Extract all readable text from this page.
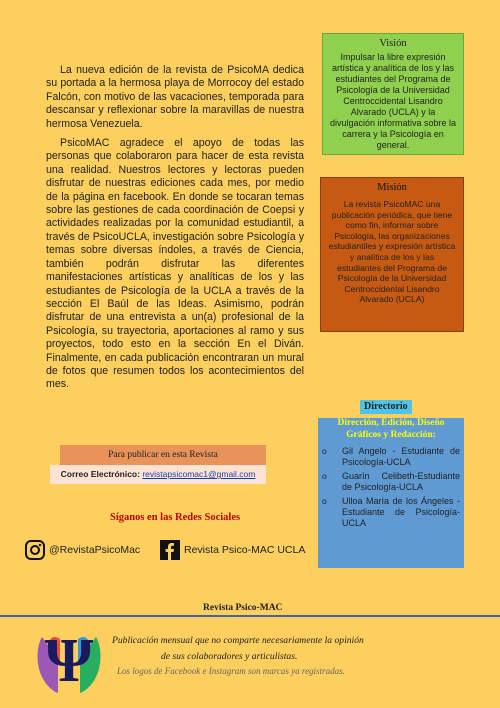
La nueva edición de la revista de PsicoMA dedica su portada a la hermosa playa de Morrocoy del estado Falcón, con motivo de las vacaciones, temporada para descansar y reflexionar sobre la maravillas de nuestra hermosa Venezuela.

PsicoMAC agradece el apoyo de todas las personas que colaboraron para hacer de esta revista una realidad. Nuestros lectores y lectoras pueden disfrutar de nuestras ediciones cada mes, por medio de la página en facebook. En donde se tocaran temas sobre las gestiones de cada coordinación de Coepsi y actividades realizadas por la comunidad estudiantil, a través de PsicoUCLA, investigación sobre Psicología y temas sobre diversas índoles, a través de Ciencia, también podrán disfrutar las diferentes manifestaciones artísticas y analíticas de los y las estudiantes de Psicología de la UCLA a través de la sección El Baúl de las Ideas. Asimismo, podrán disfrutar de una entrevista a un(a) profesional de la Psicología, su trayectoria, aportaciones al ramo y sus proyectos, todo esto en la sección En el Diván. Finalmente, en cada publicación encontraran un mural de fotos que resumen todos los acontecimientos del mes.

Visión
Impulsar la libre expresión artística y analítica de los y las estudiantes del Programa de Psicología de la Universidad Centroccidental Lisandro Alvarado (UCLA) y la divulgación informativa sobre la carrera y la Psicología en general.
Misión
La revista PsicoMAC una publicación periódica, que tiene como fin, informar sobre Psicología, las organizaciones estudiantiles y expresión artística y analítica de los y las estudiantes del Programa de Psicología de la Universidad Centroccidental Lisandro Alvarado (UCLA)
Para publicar en esta Revista
Correo Electrónico: revistapsicomac1@gmail.com
Síganos en las Redes Sociales
@RevistaPsicoMac	Revista Psico-MAC UCLA
Directorio
Dirección, Edición, Diseño Gráficos y Redacción:
o Gil Angelo - Estudiante de Psicología-UCLA
o Guarín Celibeth-Estudiante de Psicología-UCLA
o Ulloa María de los Ángeles - Estudiante de Psicología-UCLA
Revista Psico-MAC
Ψ Publicación mensual que no comparte necesariamente la opinión
de sus colaboradores y articulistas.
Los logos de Facebook e Instagram son marcas ya registradas.
